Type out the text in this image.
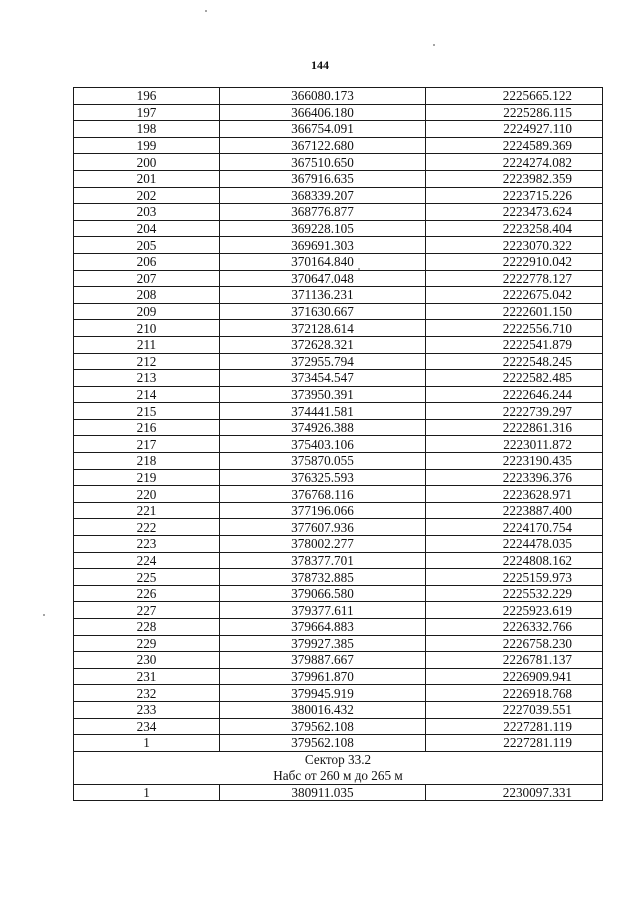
144
196	366080.173	2225665.122
197	366406.180	2225286.115
198	366754.091	2224927.110
199	367122.680	2224589.369
200	367510.650	2224274.082
201	367916.635	2223982.359
202	368339.207	2223715.226
203	368776.877	2223473.624
204	369228.105	2223258.404
205	369691.303	2223070.322
206	370164.840	2222910.042
207	370647.048	2222778.127
208	371136.231	2222675.042
209	371630.667	2222601.150
210	372128.614	2222556.710
211	372628.321	2222541.879
212	372955.794	2222548.245
213	373454.547	2222582.485
214	373950.391	2222646.244
215	374441.581	2222739.297
216	374926.388	2222861.316
217	375403.106	2223011.872
218	375870.055	2223190.435
219	376325.593	2223396.376
220	376768.116	2223628.971
221	377196.066	2223887.400
222	377607.936	2224170.754
223	378002.277	2224478.035
224	378377.701	2224808.162
225	378732.885	2225159.973
226	379066.580	2225532.229
227	379377.611	2225923.619
228	379664.883	2226332.766
229	379927.385	2226758.230
230	379887.667	2226781.137
231	379961.870	2226909.941
232	379945.919	2226918.768
233	380016.432	2227039.551
234	379562.108	2227281.119
1	379562.108	2227281.119

Сектор 33.2
Набс от 260 м до 265 м		

1	380911.035	2230097.331
